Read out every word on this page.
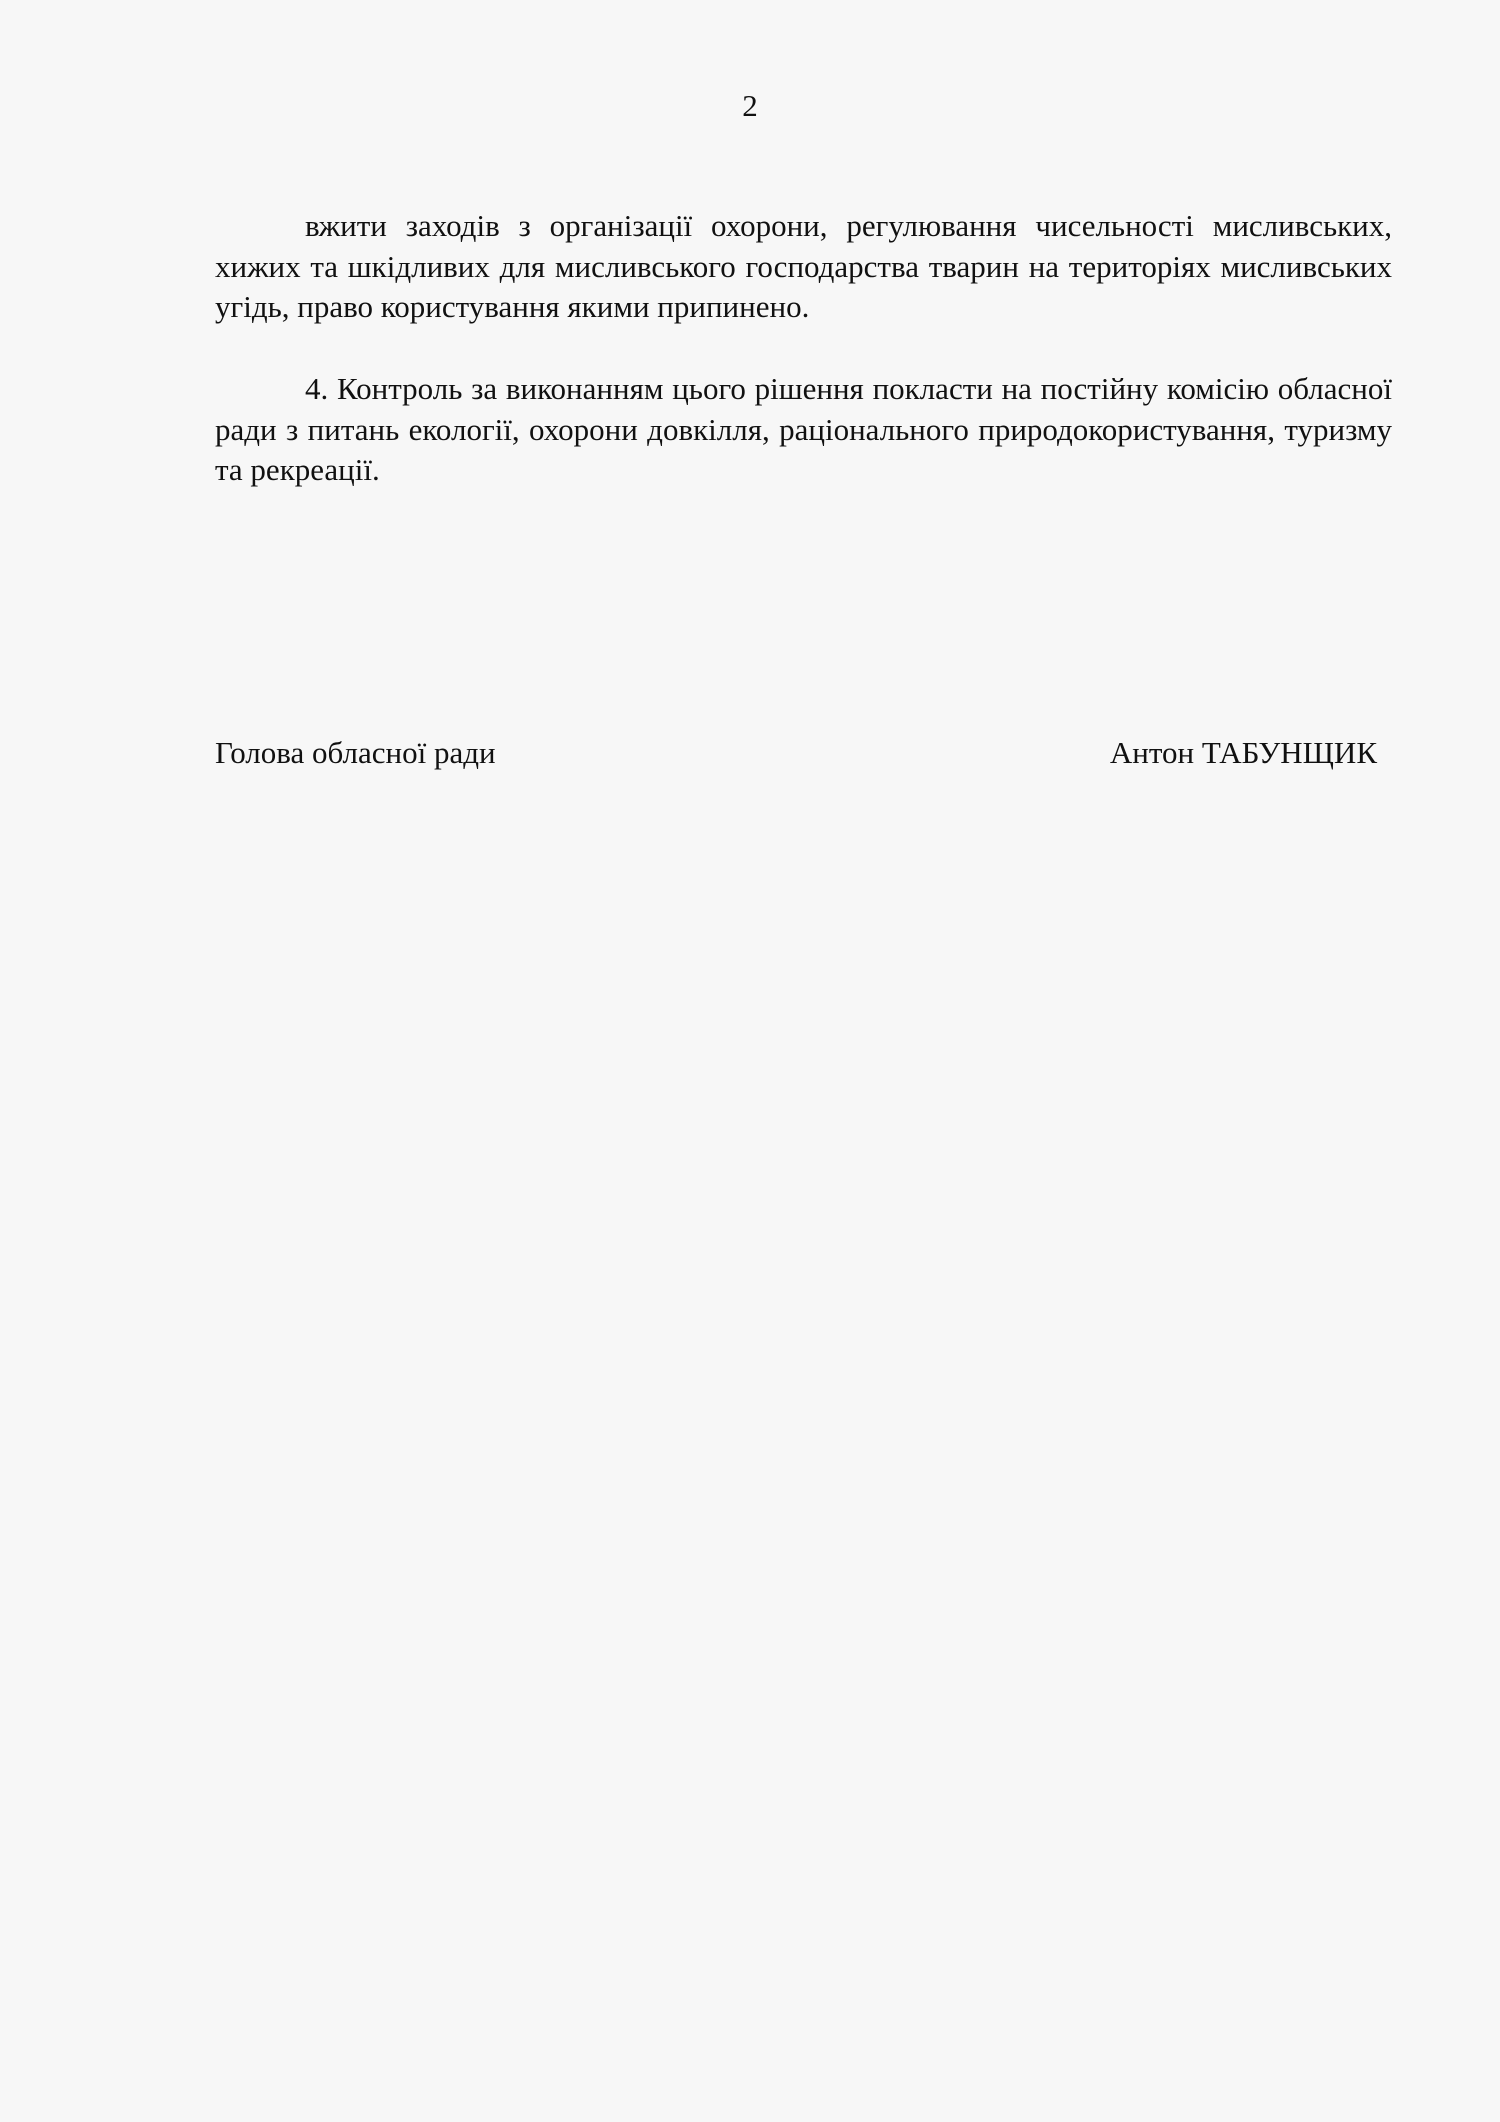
2

вжити заходів з організації охорони, регулювання чисельності мисливських, хижих та шкідливих для мисливського господарства тварин на територіях мисливських угідь, право користування якими припинено.

4. Контроль за виконанням цього рішення покласти на постійну комісію обласної ради з питань екології, охорони довкілля, раціонального природокористування, туризму та рекреації.

Голова обласної ради	Антон ТАБУНЩИК
